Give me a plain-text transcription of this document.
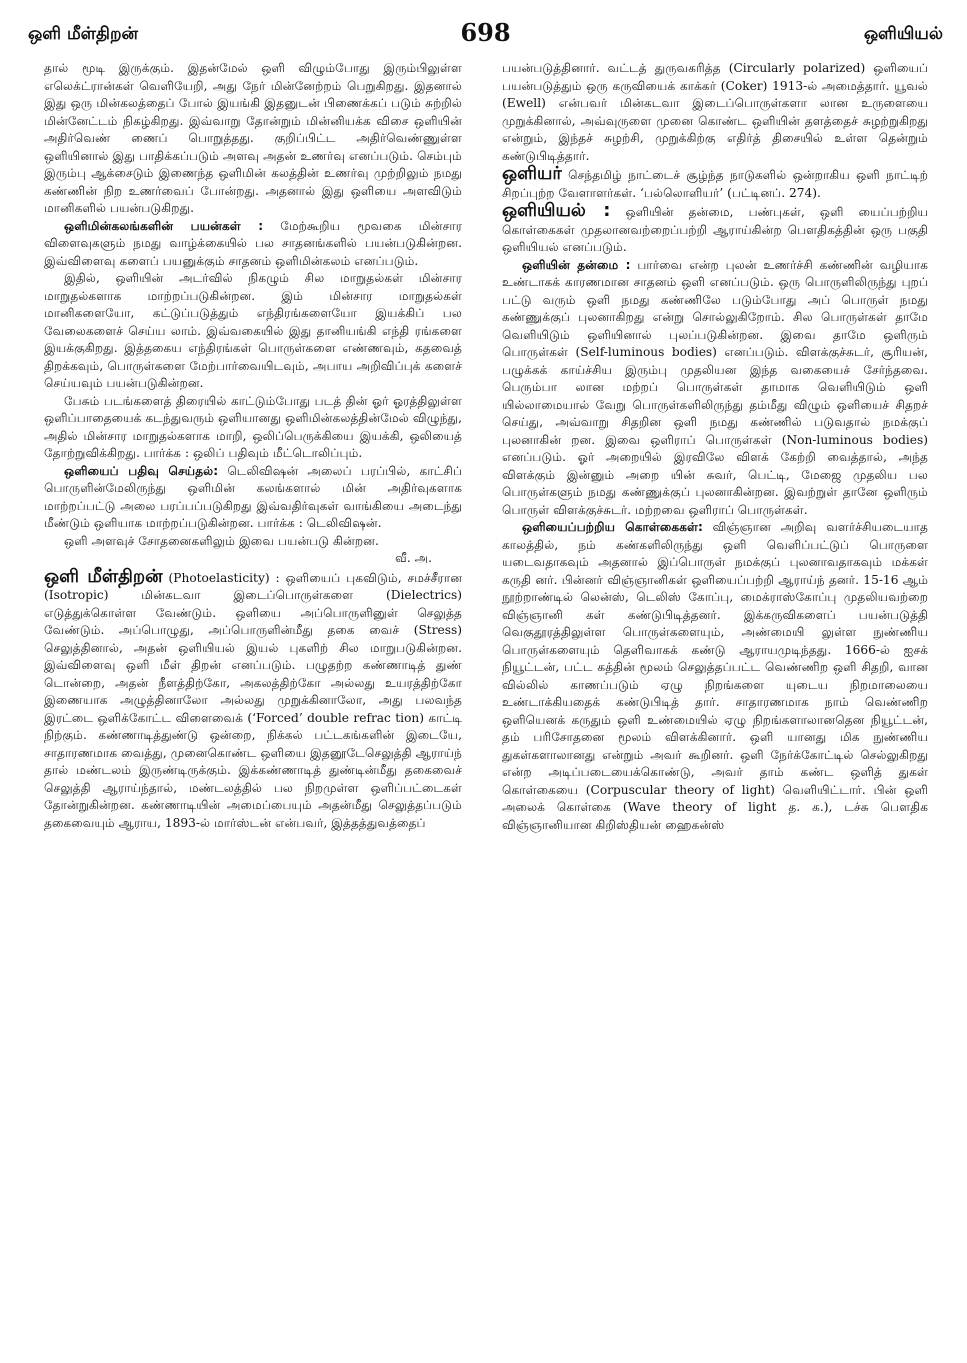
ஒளி மீள்திறன்	698	ஒளியியல்

தால் மூடி இருக்கும். இதன்மேல் ஒளி விழும்போது இரும்பிலுள்ள எலெக்ட்ரான்கள் வெளியேறி, அது நேர் மின்னேற்றம் பெறுகிறது. இதனால் இது ஒரு மின்கலத்தைப் போல் இயங்கி இதனுடன் பிணைக்கப் படும் சுற்றில் மின்னேட்டம் நிகழ்கிறது. இவ்வாறு தோன்றும் மின்னியக்க விசை ஒளியின் அதிர்வெண் ணைப் பொறுத்தது. குறிப்பிட்ட அதிர்வெண்ணுள்ள ஒளியினால் இது பாதிக்கப்படும் அளவு அதன் உணர்வு எனப்படும். செம்பும் இரும்பு ஆக்சைடும் இணைந்த ஒளிமின் கலத்தின் உணர்வு முற்றிலும் நமது கண்ணின் நிற உணர்வைப் போன்றது. அதனால் இது ஒளியை அளவிடும் மானிகளில் பயன்படுகிறது.

ஒளிமின்கலங்களின் பயன்கள் : மேற்கூறிய மூவகை மின்சார விளைவுகளும் நமது வாழ்க்கையில் பல சாதனங்களில் பயன்படுகின்றன. இவ்விளைவு களைப் பயனுக்கும் சாதனம் ஒளிமின்கலம் எனப்படும்.

இதில், ஒளியின் அடர்வில் நிகழும் சில மாறுதல்கள் மின்சார மாறுதல்களாக மாற்றப்படுகின்றன. இம் மின்சார மாறுதல்கள் மானிகளையோ, கட்டுப்படுத்தும் எந்திரங்களையோ இயக்கிப் பல வேலைகளைச் செய்ய லாம். இவ்வகையில் இது தானியங்கி எந்தி ரங்களை இயக்குகிறது. இத்தகைய எந்திரங்கள் பொருள்களை எண்ணவும், கதவைத் திறக்கவும், பொருள்களை மேற்பார்வையிடவும், அபாய அறிவிப்புக் களைச் செய்யவும் பயன்படுகின்றன.

பேசும் படங்களைத் திரையில் காட்டும்போது படத் தின் ஓர் ஓரத்திலுள்ள ஒளிப்பாதையைக் கடந்துவரும் ஒளியானது ஒளிமின்கலத்தின்மேல் விழுந்து, அதில் மின்சார மாறுதல்களாக மாறி, ஒலிப்பெருக்கியை இயக்கி, ஒலியைத் தோற்றுவிக்கிறது. பார்க்க : ஒலிப் பதிவும் மீட்டொலிப்பும்.

ஒளியைப் பதிவு செய்தல்: டெலிவிஷன் அலைப் பரப்பில், காட்சிப் பொருளின்மேலிருந்து ஒளிமின் கலங்களால் மின் அதிர்வுகளாக மாற்றப்பட்டு அலை பரப்பப்படுகிறது இவ்வதிர்வுகள் வாங்கியை அடைந்து மீண்டும் ஒளியாக மாற்றப்படுகின்றன. பார்க்க : டெலிவிஷன்.

ஒளி அளவுச் சோதனைகளிலும் இவை பயன்படு கின்றன.

வீ. அ.

ஒளி மீள்திறன் (Photoelasticity) : ஒளியைப் புகவிடும், சமச்சீரான (Isotropic) மின்கடவா இடைப்பொருள்களை (Dielectrics) எடுத்துக்கொள்ள வேண்டும். ஒளியை அப்பொருளினுள் செலுத்த வேண்டும். அப்பொழுது, அப்பொருளின்மீது தகை வைச் (Stress) செலுத்தினால், அதன் ஒளியியல் இயல் புகளிற் சில மாறுபடுகின்றன. இவ்விளைவு ஒளி மீள் திறன் எனப்படும். பழுதற்ற கண்ணாடித் துண் டொன்றை, அதன் நீளத்திற்கோ, அகலத்திற்கோ அல்லது உயரத்திற்கோ இணையாக அழுத்தினாலோ அல்லது முறுக்கினாலோ, அது பலவந்த இரட்டை ஒளிக்கோட்ட விளைவைக் (‘Forced’ double refrac tion) காட்டி நிற்கும். கண்ணாடித்துண்டு ஒன்றை, நிக்கல் பட்டகங்களின் இடையே, சாதாரணமாக வைத்து, முனைகொண்ட ஒளியை இதனூடேசெலுத்தி ஆராய்ந் தால் மண்டலம் இருண்டிருக்கும். இக்கண்ணாடித் துண்டின்மீது தகைவைச் செலுத்தி ஆராய்ந்தால், மண்டலத்தில் பல நிறமுள்ள ஒளிப்பட்டைகள் தோன்றுகின்றன. கண்ணாடியின் அமைப்பையும் அதன்மீது செலுத்தப்படும் தகைவையும் ஆராய, 1893-ல் மார்ஸ்டன் என்பவர், இத்தத்துவத்தைப்

பயன்படுத்தினார். வட்டத் துருவகரித்த (Circularly polarized) ஒளியைப் பயன்படுத்தும் ஒரு கருவியைக் காக்கர் (Coker) 1913-ல் அமைத்தார். யூவல் (Ewell) என்பவர் மின்கடவா இடைப்பொருள்களா லான உருளையை முறுக்கினால், அவ்வுருளை முனை கொண்ட ஒளியின் தளத்தைச் சுழற்றுகிறது என்றும், இந்தச் சுழற்சி, முறுக்கிற்கு எதிர்த் திசையில் உள்ள தென்றும் கண்டுபிடித்தார்.

ஒளியர் செந்தமிழ் நாட்டைச் சூழ்ந்த நாடுகளில் ஒன்றாகிய ஒளி நாட்டிற் சிறப்புற்ற வேளாளர்கள். ‘பல்லொளியர்’ (பட்டினப். 274).

ஒளியியல் : ஒளியின் தன்மை, பண்புகள், ஒளி யைப்பற்றிய கொள்கைகள் முதலானவற்றைப்பற்றி ஆராய்கின்ற பௌதிகத்தின் ஒரு பகுதி ஒளியியல் எனப்படும்.

ஒளியின் தன்மை : பார்வை என்ற புலன் உணர்ச்சி கண்ணின் வழியாக உண்டாகக் காரணமான சாதனம் ஒளி எனப்படும். ஒரு பொருளிலிருந்து புறப் பட்டு வரும் ஒளி நமது கண்ணிலே படும்போது அப் பொருள் நமது கண்ணுக்குப் புலனாகிறது என்று சொல்லுகிறோம். சில பொருள்கள் தாமே வெளியிடும் ஒளியினால் புலப்படுகின்றன. இவை தாமே ஒளிரும் பொருள்கள் (Self-luminous bodies) எனப்படும். விளக்குச்சுடர், சூரியன், பழுக்கக் காய்ச்சிய இரும்பு முதலியன இந்த வகையைச் சேர்ந்தவை. பெரும்பா லான மற்றப் பொருள்கள் தாமாக வெளியிடும் ஒளி யில்லாமையால் வேறு பொருள்களிலிருந்து தம்மீது விழும் ஒளியைச் சிதறச் செய்து, அவ்வாறு சிதறின ஒளி நமது கண்ணில் படுவதால் நமக்குப் புலனாகின் றன. இவை ஒளிராப் பொருள்கள் (Non-luminous bodies) எனப்படும். ஓர் அறையில் இரவிலே விளக் கேற்றி வைத்தால், அந்த விளக்கும் இன்னும் அறை யின் சுவர், பெட்டி, மேஜை முதலிய பல பொருள்களும் நமது கண்ணுக்குப் புலனாகின்றன. இவற்றுள் தானே ஒளிரும் பொருள் விளக்குச்சுடர். மற்றவை ஒளிராப் பொருள்கள்.

ஒளியைப்பற்றிய கொள்கைகள்: விஞ்ஞான அறிவு வளர்ச்சியடையாத காலத்தில், நம் கண்களிலிருந்து ஒளி வெளிப்பட்டுப் பொருளை யடைவதாகவும் அதனால் இப்பொருள் நமக்குப் புலனாவதாகவும் மக்கள் கருதி னர். பின்னர் விஞ்ஞானிகள் ஒளியைப்பற்றி ஆராய்ந் தனர். 15-16 ஆம் நூற்றாண்டில் லென்ஸ், டெலிஸ் கோப்பு, மைக்ராஸ்கோப்பு முதலியவற்றை விஞ்ஞானி கள் கண்டுபிடித்தனர். இக்கருவிகளைப் பயன்படுத்தி வெகுதூரத்திலுள்ள பொருள்களையும், அண்மையி லுள்ள நுண்ணிய பொருள்களையும் தெளிவாகக் கண்டு ஆராயமுடிந்தது. 1666-ல் ஐசக் நியூட்டன், பட்ட கத்தின் மூலம் செலுத்தப்பட்ட வெண்ணிற ஒளி சிதறி, வான வில்லில் காணப்படும் ஏழு நிறங்களை யுடைய நிறமாலையை உண்டாக்கியதைக் கண்டுபிடித் தார். சாதாரணமாக நாம் வெண்ணிற ஒளியெனக் கருதும் ஒளி உண்மையில் ஏழு நிறங்களாலானதென நியூட்டன், தம் பரிசோதனை மூலம் விளக்கினார். ஒளி யானது மிக நுண்ணிய துகள்களாலானது என்றும் அவர் கூறினர். ஒளி நேர்க்கோட்டில் செல்லுகிறது என்ற அடிப்படையைக்கொண்டு, அவர் தாம் கண்ட ஒளித் துகள் கொள்கையை (Corpuscular theory of light) வெளியிட்டார். பின் ஒளி அலைக் கொள்கை (Wave theory of light த. க.), டச்சு பௌதிக விஞ்ஞானியான கிறிஸ்தியன் ஹைகன்ஸ்
